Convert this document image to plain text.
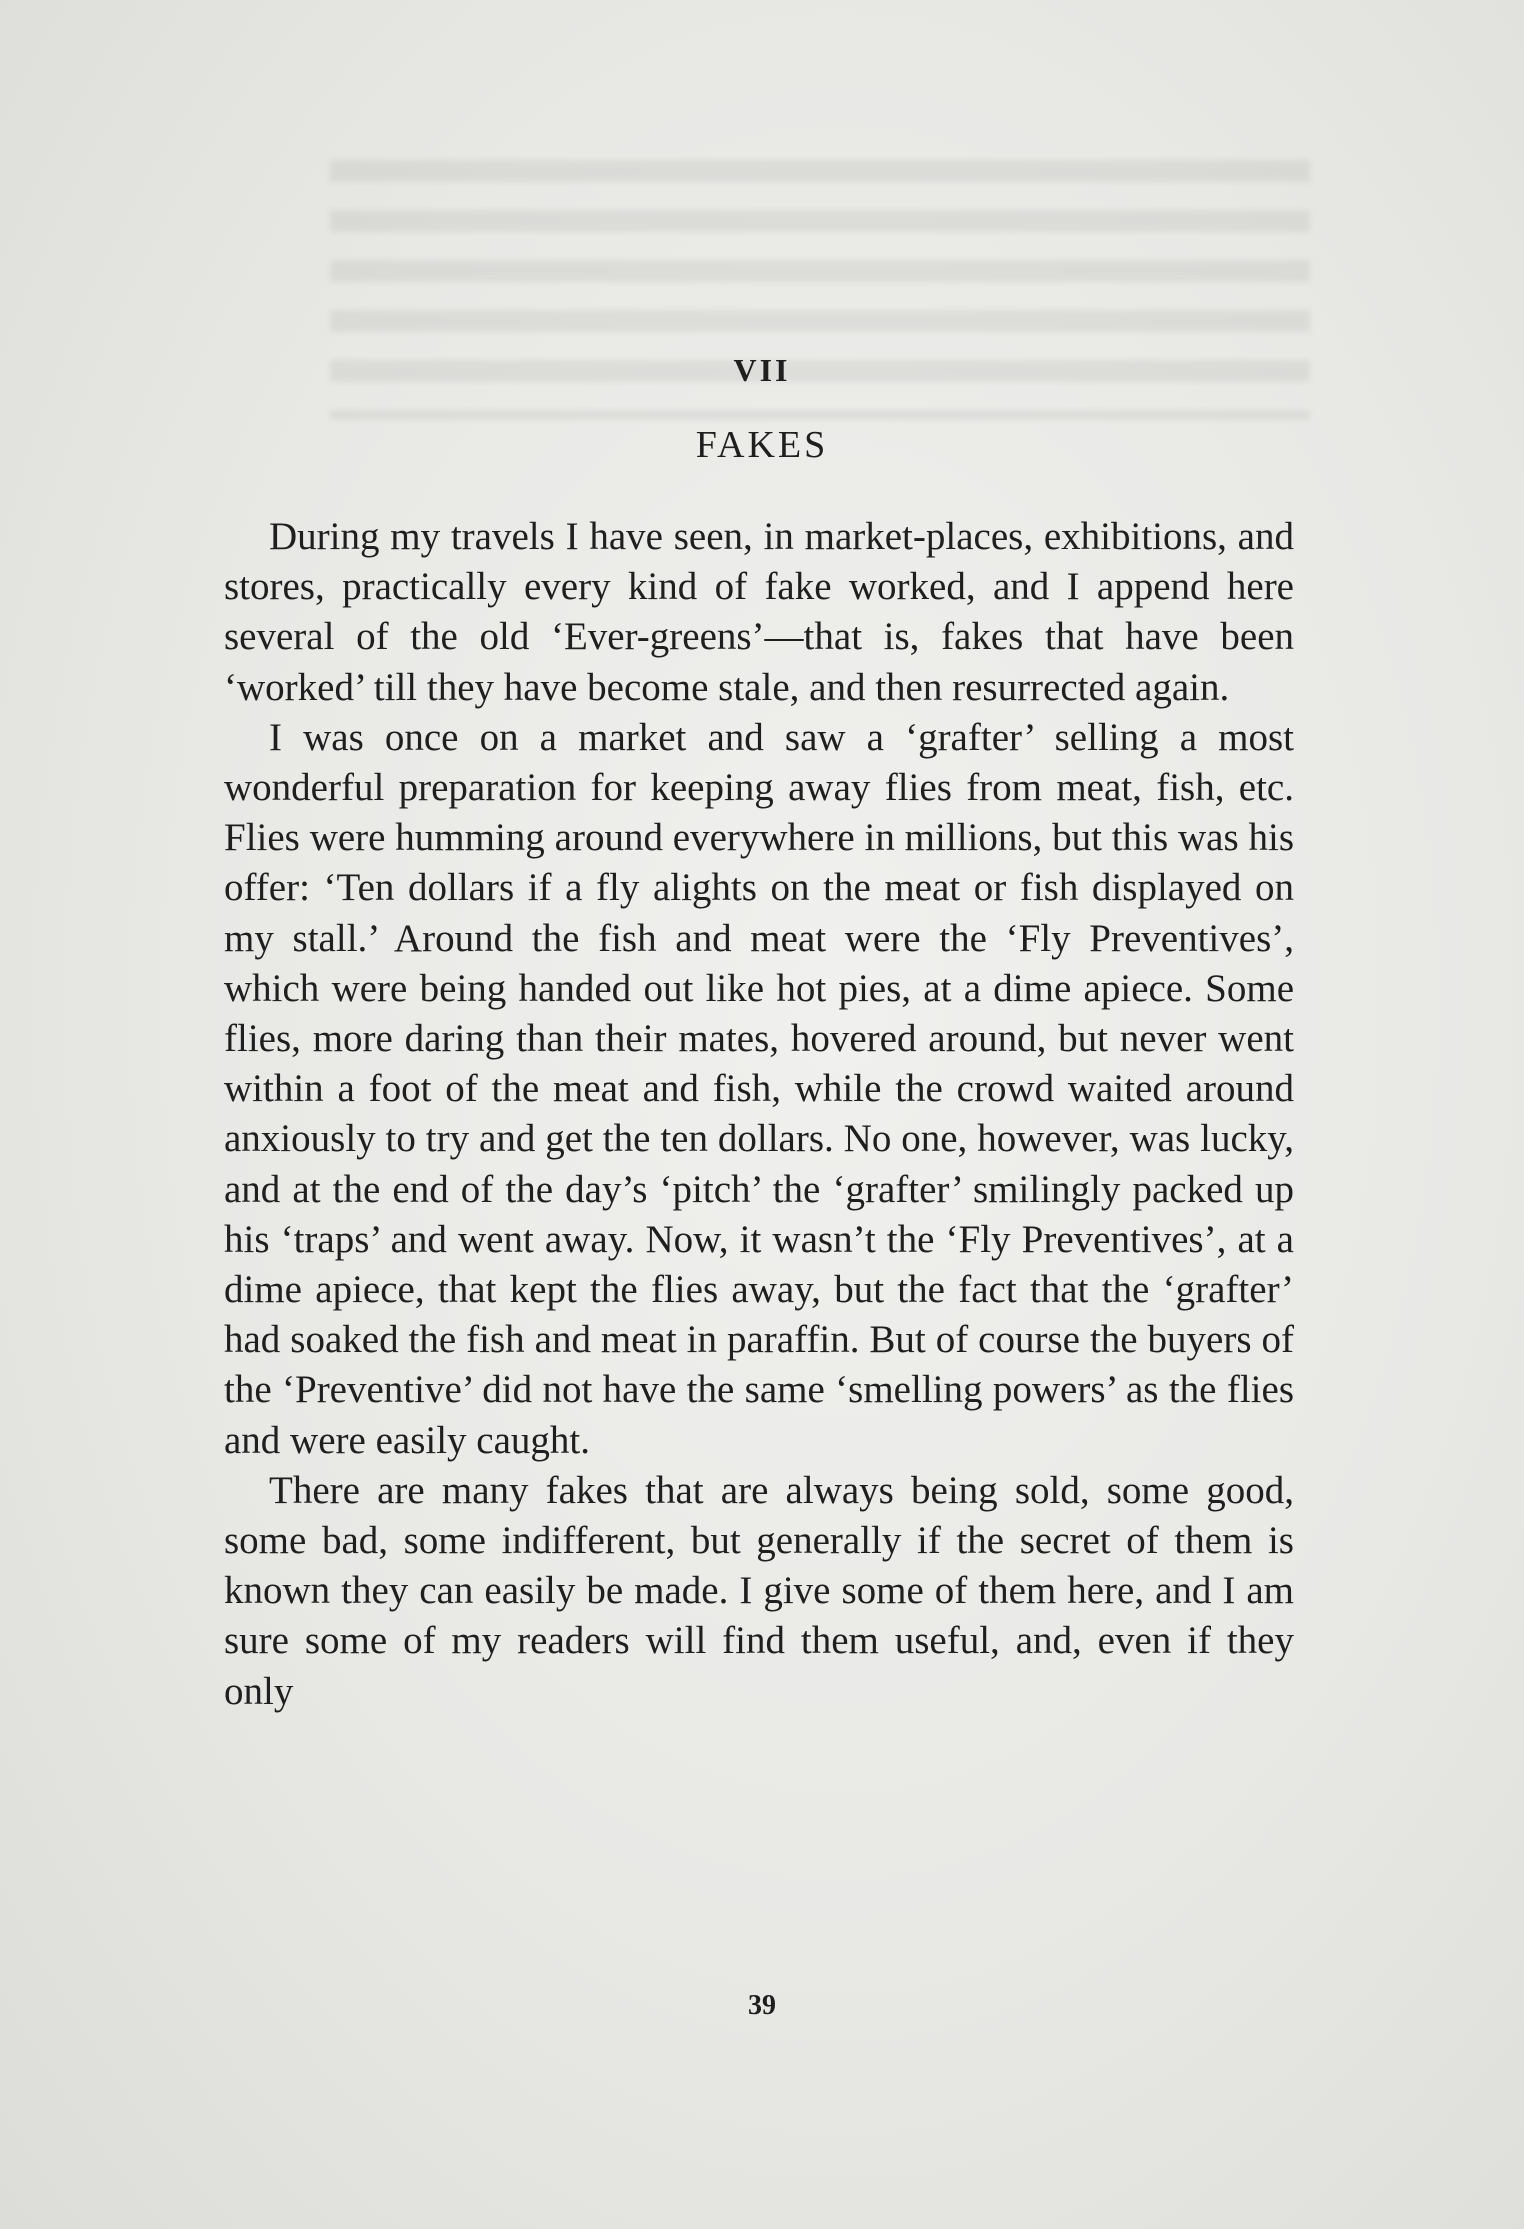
VII
FAKES

During my travels I have seen, in market-places, exhibitions, and stores, practically every kind of fake worked, and I append here several of the old ‘Ever-greens’—that is, fakes that have been ‘worked’ till they have become stale, and then resurrected again.

I was once on a market and saw a ‘grafter’ selling a most wonderful preparation for keeping away flies from meat, fish, etc. Flies were humming around everywhere in millions, but this was his offer: ‘Ten dollars if a fly alights on the meat or fish displayed on my stall.’ Around the fish and meat were the ‘Fly Preventives’, which were being handed out like hot pies, at a dime apiece. Some flies, more daring than their mates, hovered around, but never went within a foot of the meat and fish, while the crowd waited around anxiously to try and get the ten dollars. No one, however, was lucky, and at the end of the day’s ‘pitch’ the ‘grafter’ smilingly packed up his ‘traps’ and went away. Now, it wasn’t the ‘Fly Preventives’, at a dime apiece, that kept the flies away, but the fact that the ‘grafter’ had soaked the fish and meat in paraffin. But of course the buyers of the ‘Preventive’ did not have the same ‘smelling powers’ as the flies and were easily caught.

There are many fakes that are always being sold, some good, some bad, some indifferent, but generally if the secret of them is known they can easily be made. I give some of them here, and I am sure some of my readers will find them useful, and, even if they only

39
